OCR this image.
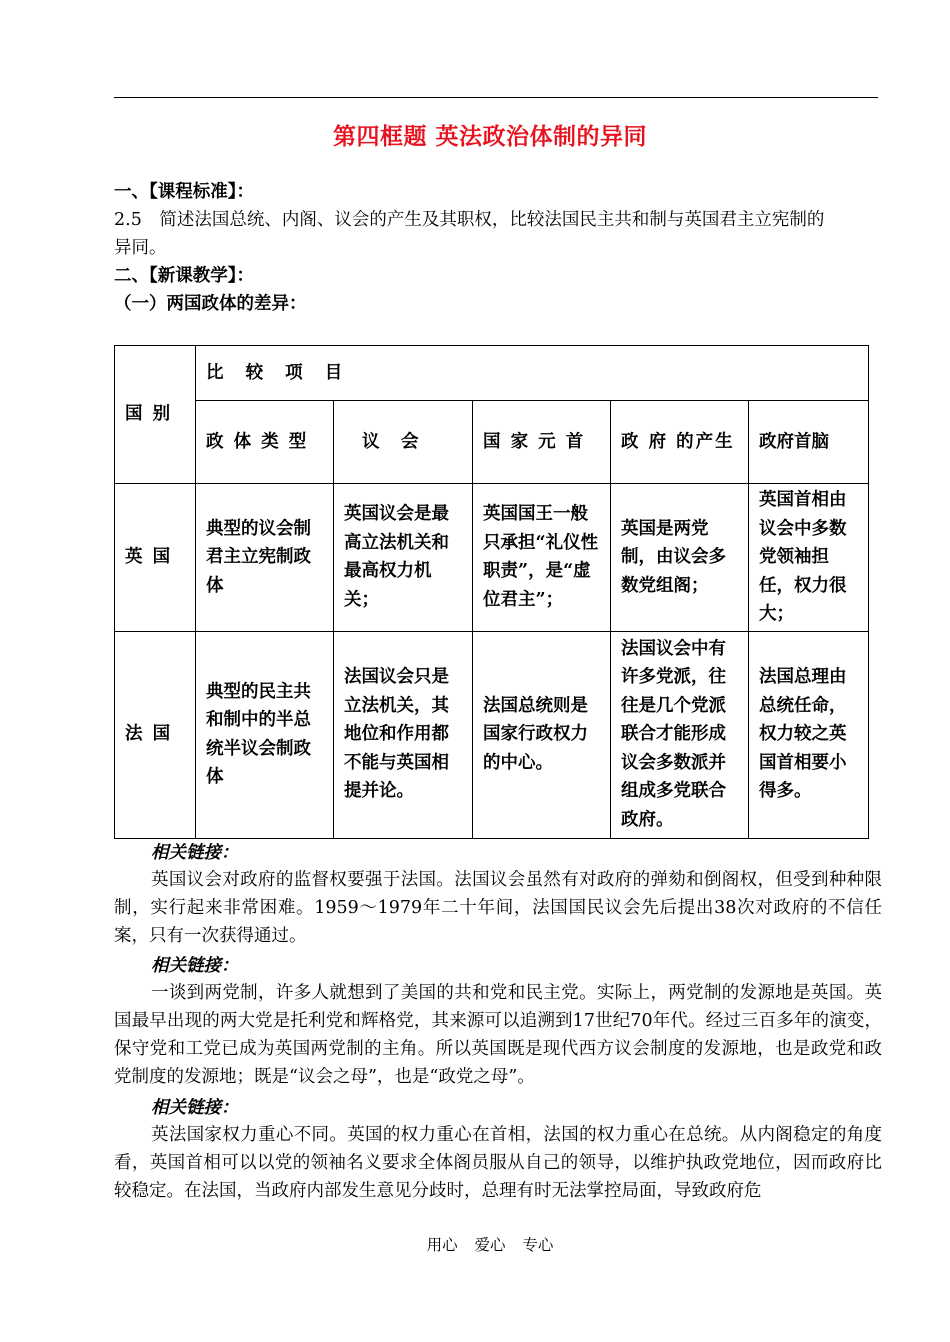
第四框题 英法政治体制的异同
一、【课程标准】：
2.5　简述法国总统、内阁、议会的产生及其职权，比较法国民主共和制与英国君主立宪制的
异同。
二、【新课教学】：
（一）两国政体的差异：
国 别	比 较 项 目				
	政 体 类 型	议　会	国 家 元 首	政 府 的产生	政府首脑
英 国	典型的议会制君主立宪制政体	英国议会是最高立法机关和最高权力机关；	英国国王一般只承担“礼仪性职责”，是“虚位君主”；	英国是两党制，由议会多数党组阁；	英国首相由议会中多数党领袖担任，权力很大；
法 国	典型的民主共和制中的半总统半议会制政体	法国议会只是立法机关，其地位和作用都不能与英国相提并论。	法国总统则是国家行政权力的中心。	法国议会中有许多党派，往往是几个党派联合才能形成议会多数派并组成多党联合政府。	法国总理由总统任命，权力较之英国首相要小得多。
相关链接：
英国议会对政府的监督权要强于法国。法国议会虽然有对政府的弹劾和倒阁权，但受到种种限制，实行起来非常困难。1959～1979年二十年间，法国国民议会先后提出38次对政府的不信任案，只有一次获得通过。
相关链接：
一谈到两党制，许多人就想到了美国的共和党和民主党。实际上，两党制的发源地是英国。英国最早出现的两大党是托利党和辉格党，其来源可以追溯到17世纪70年代。经过三百多年的演变，保守党和工党已成为英国两党制的主角。所以英国既是现代西方议会制度的发源地，也是政党和政党制度的发源地；既是“议会之母”，也是“政党之母”。
相关链接：
英法国家权力重心不同。英国的权力重心在首相，法国的权力重心在总统。从内阁稳定的角度看，英国首相可以以党的领袖名义要求全体阁员服从自己的领导，以维护执政党地位，因而政府比较稳定。在法国，当政府内部发生意见分歧时，总理有时无法掌控局面，导致政府危
用心 爱心 专心
